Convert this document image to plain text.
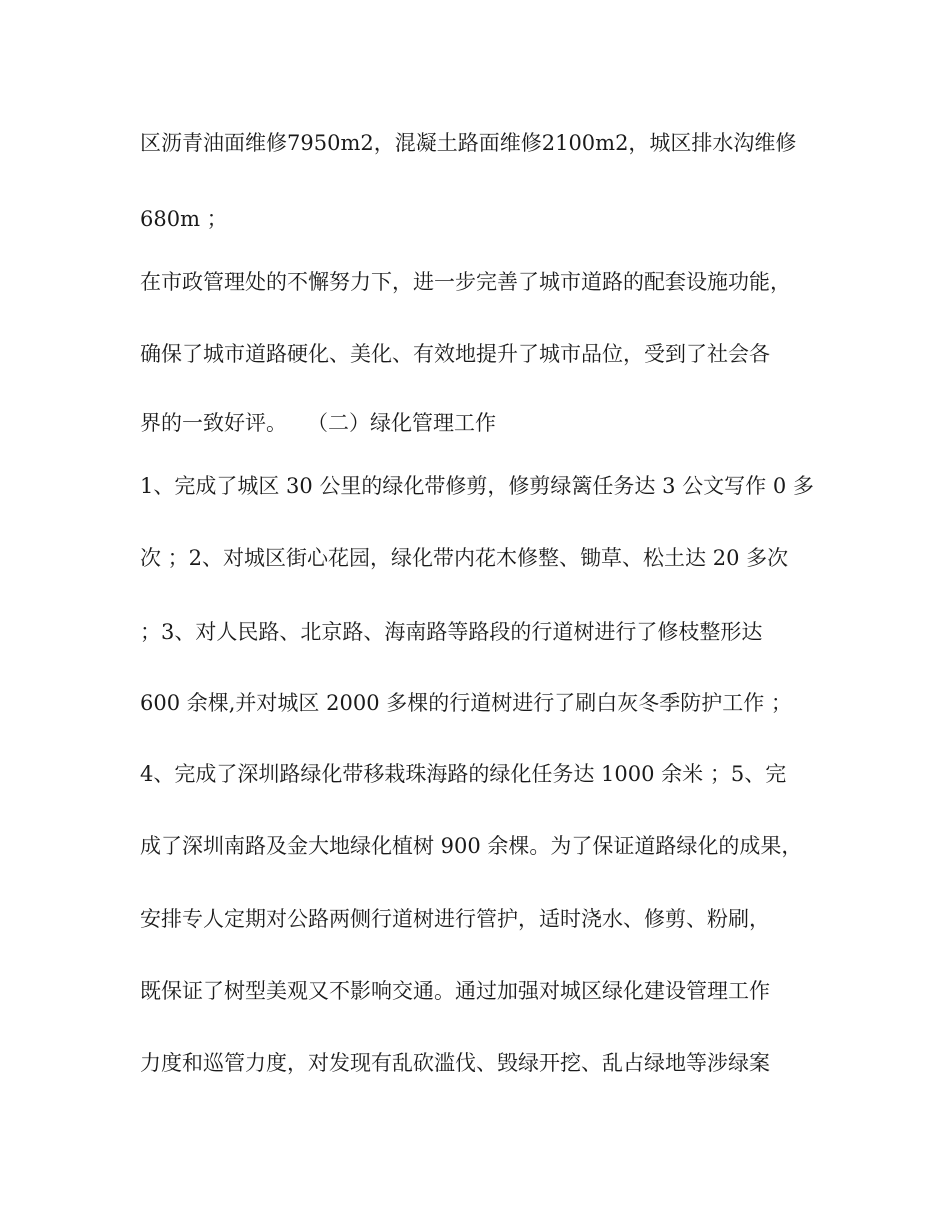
区沥青油面维修7950m2，混凝土路面维修2100m2，城区排水沟维修
680m ；
在市政管理处的不懈努力下，进一步完善了城市道路的配套设施功能，
确保了城市道路硬化、美化、有效地提升了城市品位，受到了社会各
界的一致好评。   （二）绿化管理工作
1、完成了城区 30 公里的绿化带修剪，修剪绿篱任务达 3 公文写作 0 多
次 ；2、对城区街心花园，绿化带内花木修整、锄草、松土达 20 多次
；3、对人民路、北京路、海南路等路段的行道树进行了修枝整形达
600 余棵,并对城区 2000 多棵的行道树进行了刷白灰冬季防护工作 ；
4、完成了深圳路绿化带移栽珠海路的绿化任务达 1000 余米 ；5、完
成了深圳南路及金大地绿化植树 900 余棵。为了保证道路绿化的成果，
安排专人定期对公路两侧行道树进行管护，适时浇水、修剪、粉刷，
既保证了树型美观又不影响交通。通过加强对城区绿化建设管理工作
力度和巡管力度，对发现有乱砍滥伐、毁绿开挖、乱占绿地等涉绿案
